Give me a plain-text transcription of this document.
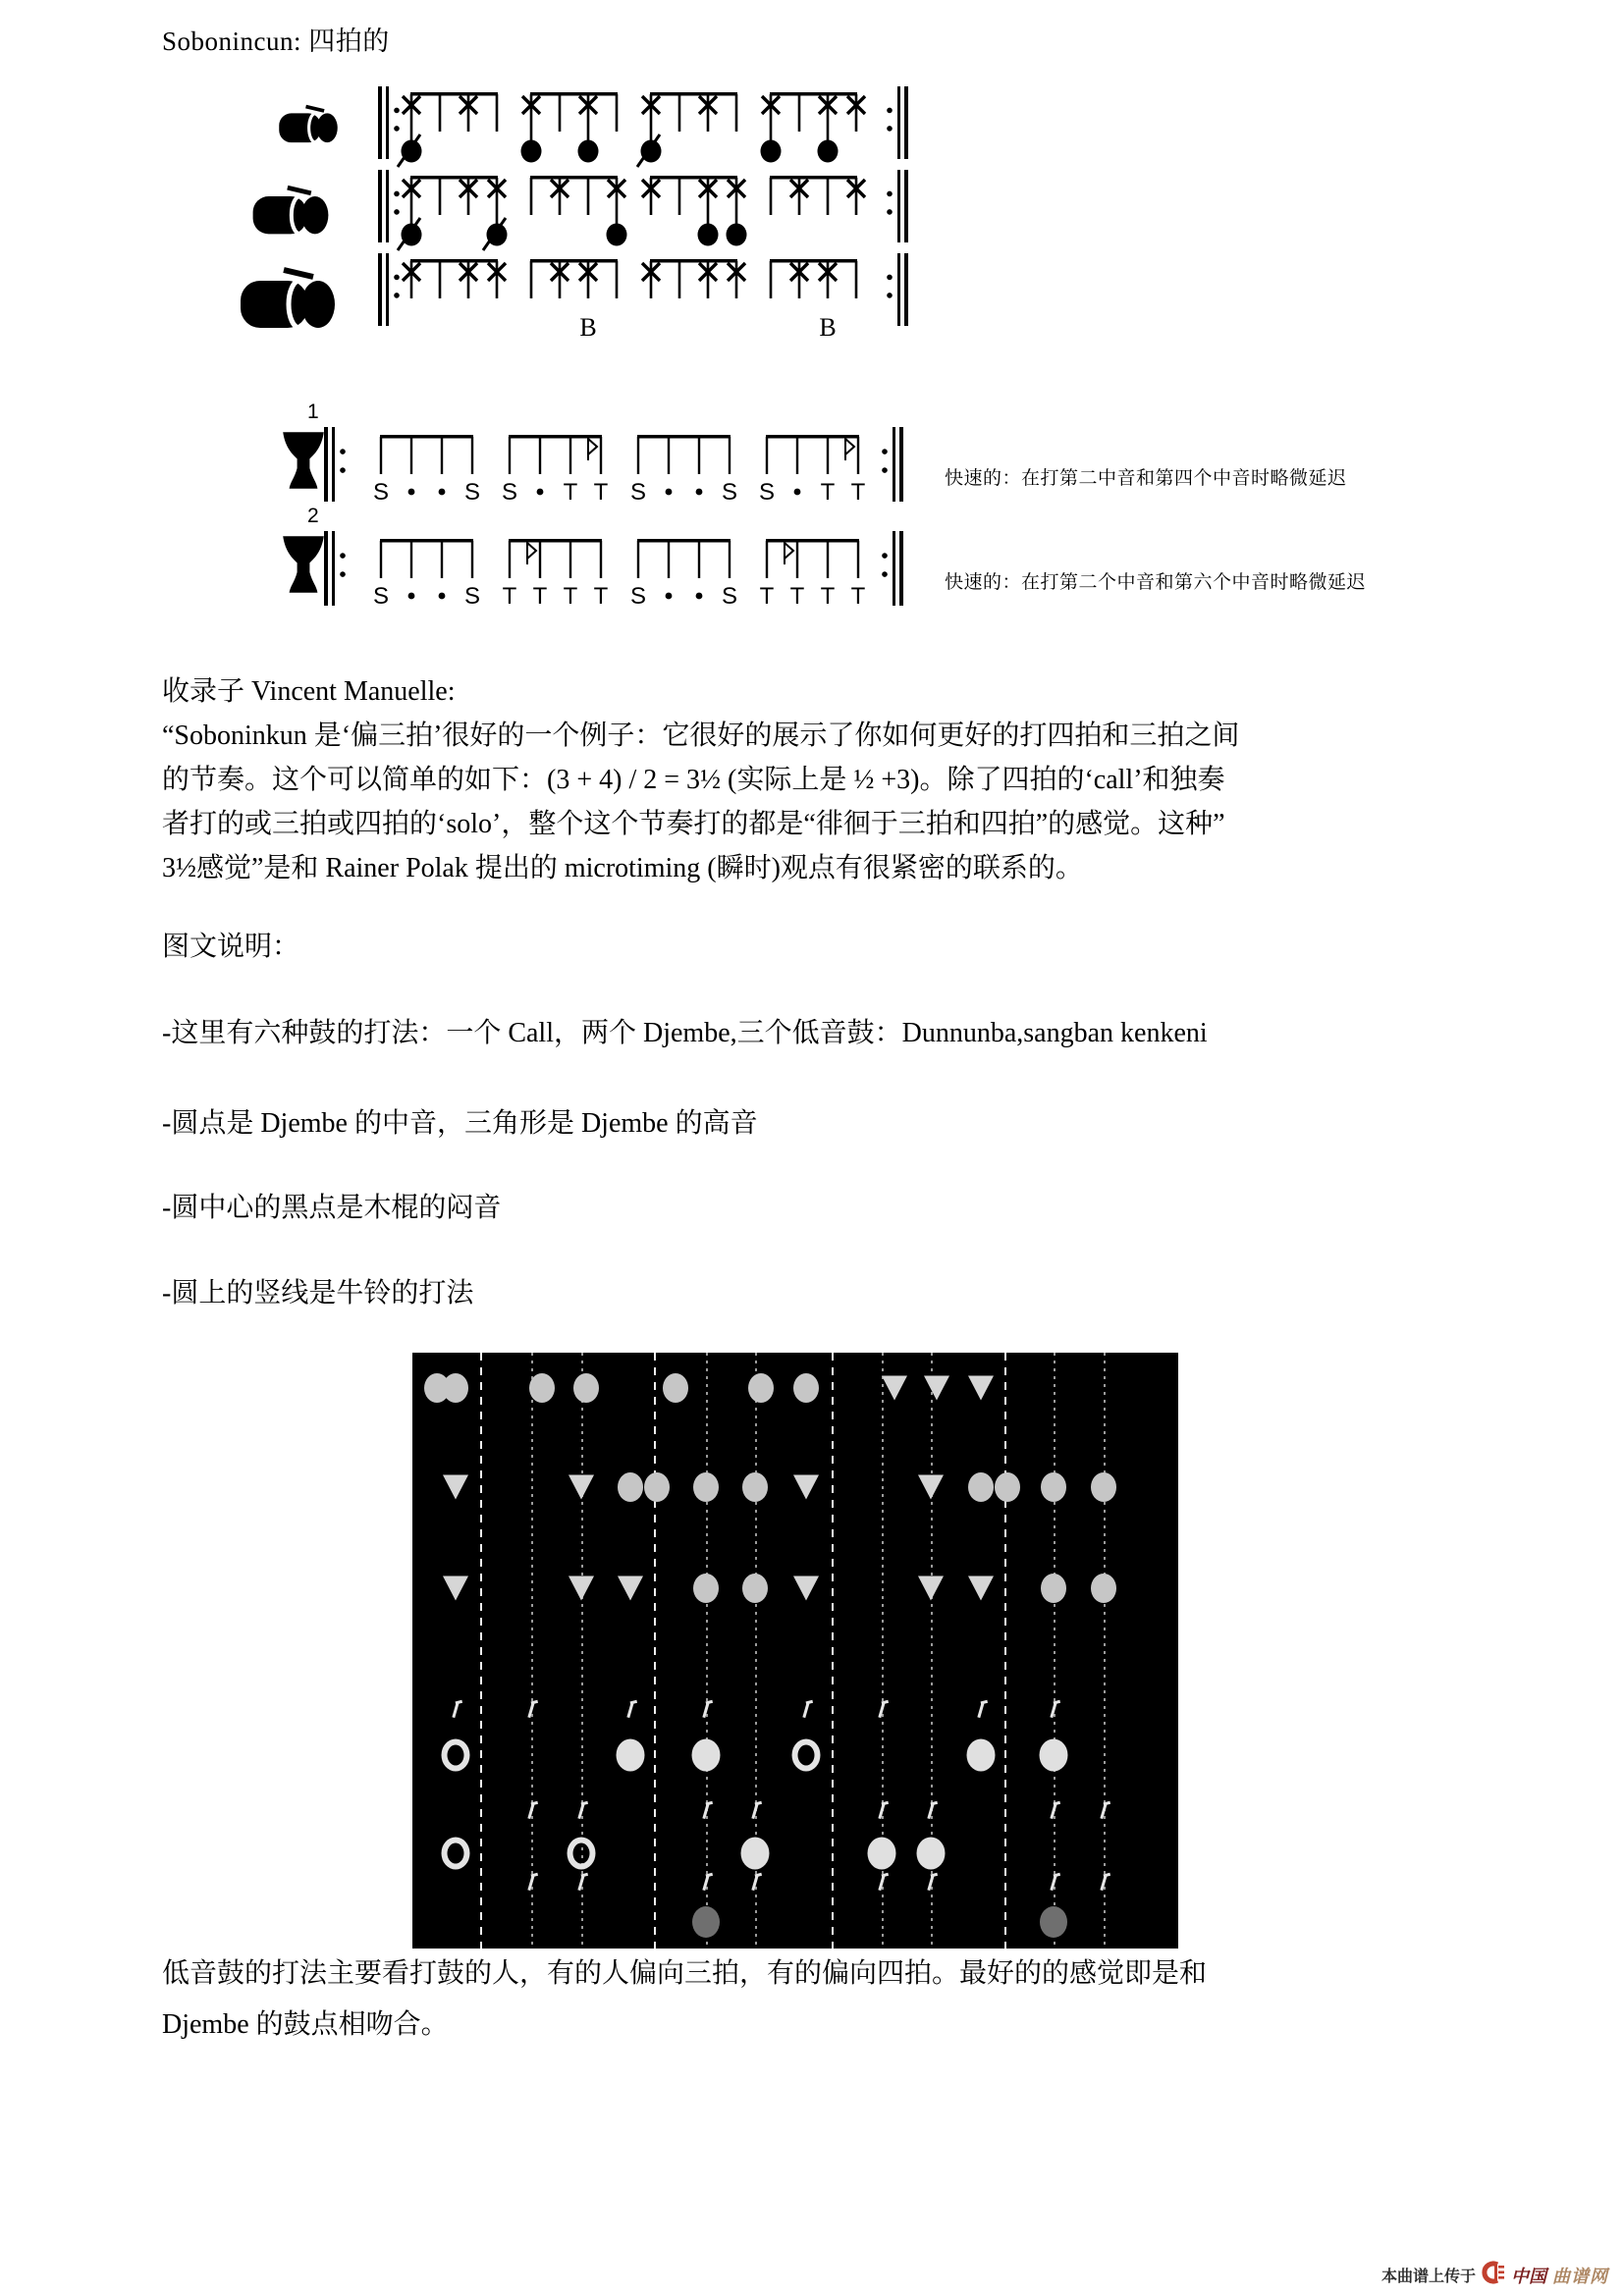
Sobonincun: 四拍的
快速的：在打第二中音和第四个中音时略微延迟
快速的：在打第二个中音和第六个中音时略微延迟
收录子 Vincent Manuelle:
“Soboninkun 是‘偏三拍’很好的一个例子：它很好的展示了你如何更好的打四拍和三拍之间
的节奏。这个可以简单的如下：(3 + 4) / 2 = 3½ (实际上是 ½ +3)。除了四拍的‘call’和独奏
者打的或三拍或四拍的‘solo’，整个这个节奏打的都是“徘徊于三拍和四拍”的感觉。这种”
3½感觉”是和 Rainer Polak 提出的 microtiming (瞬时)观点有很紧密的联系的。
图文说明：
-这里有六种鼓的打法：一个 Call，两个 Djembe,三个低音鼓：Dunnunba,sangban kenkeni
-圆点是 Djembe 的中音，三角形是 Djembe 的高音
-圆中心的黑点是木棍的闷音
-圆上的竖线是牛铃的打法
低音鼓的打法主要看打鼓的人，有的人偏向三拍，有的偏向四拍。最好的的感觉即是和
Djembe 的鼓点相吻合。
本曲谱上传于 中国 曲谱网
B	B
1
S	S S T T S	S S T T
2
S	S T T T T S	S T T T T
